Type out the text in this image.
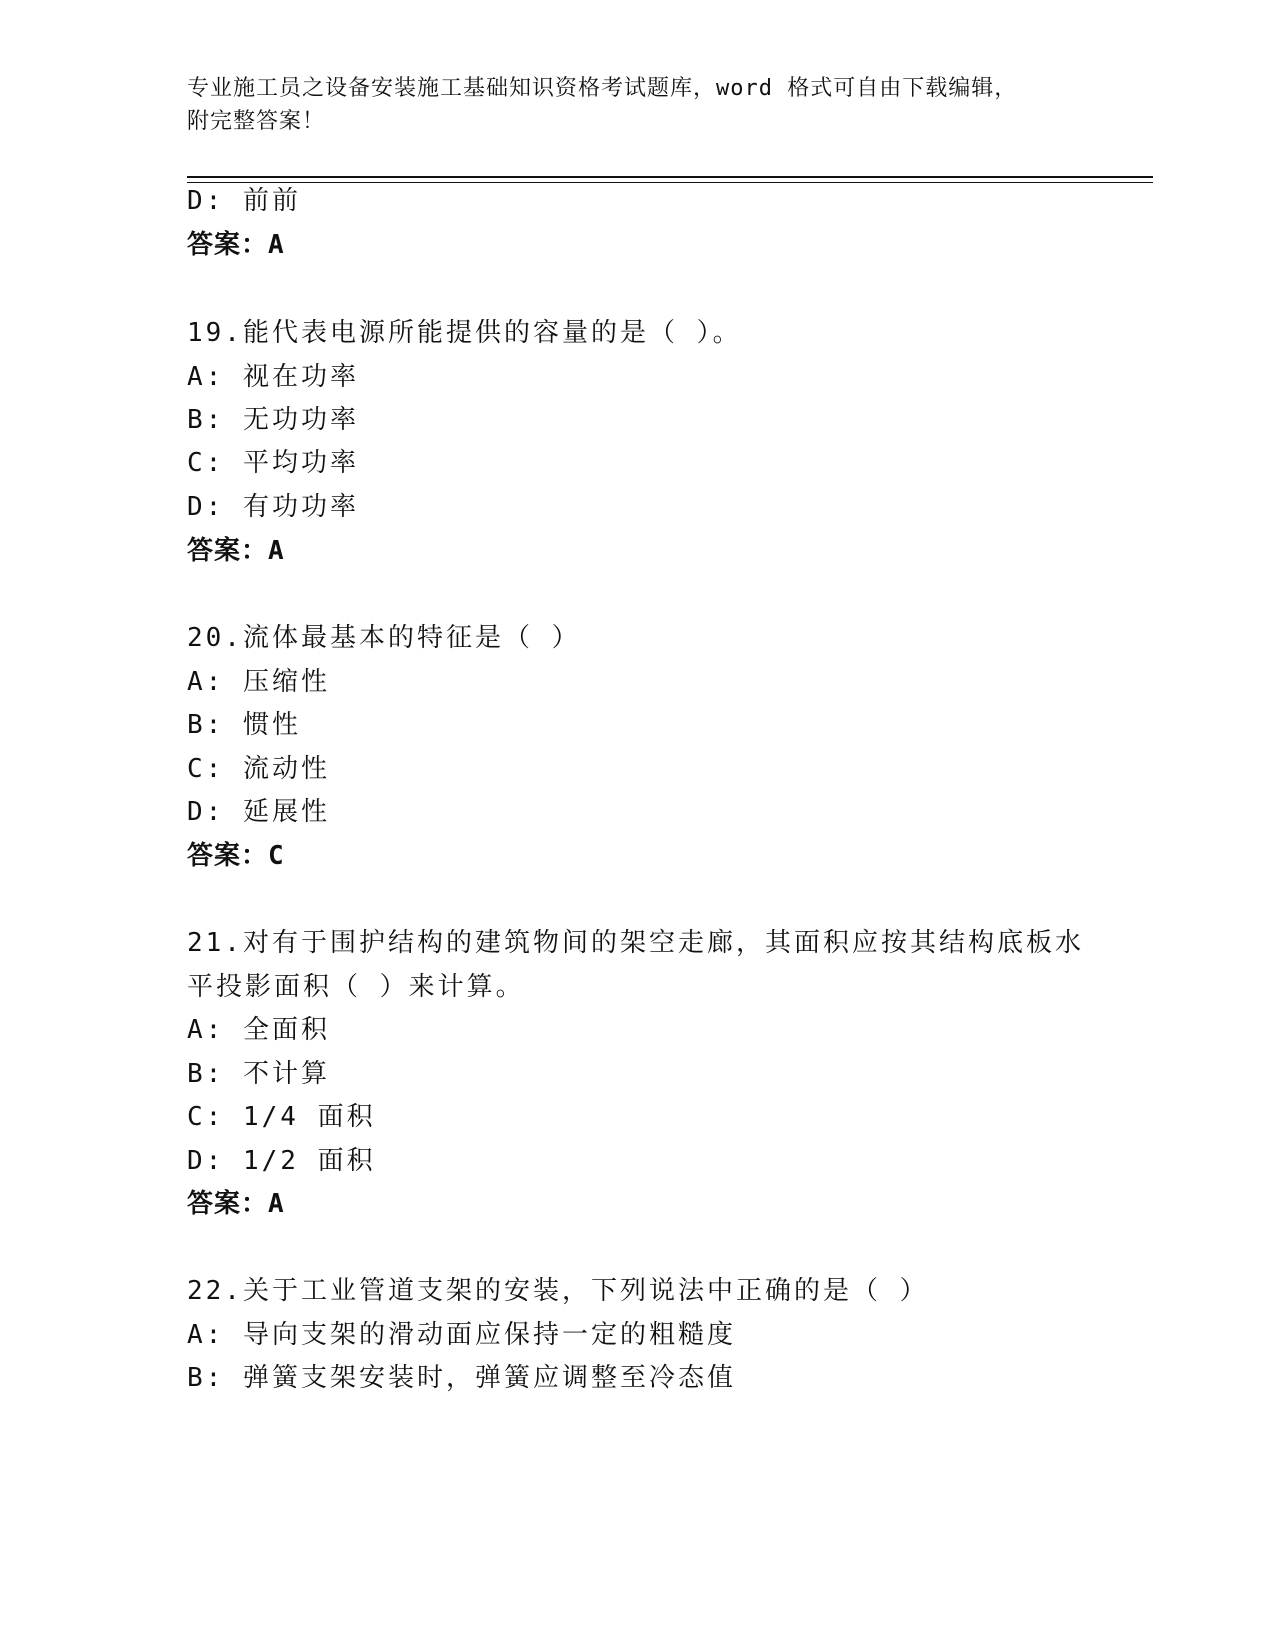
专业施工员之设备安装施工基础知识资格考试题库，word 格式可自由下载编辑，
附完整答案！
D: 前前
答案：A
19.能代表电源所能提供的容量的是（ ）。
A: 视在功率
B: 无功功率
C: 平均功率
D: 有功功率
答案：A
20.流体最基本的特征是（ ）
A: 压缩性
B: 惯性
C: 流动性
D: 延展性
答案：C
21.对有于围护结构的建筑物间的架空走廊，其面积应按其结构底板水
平投影面积（ ）来计算。
A: 全面积
B: 不计算
C: 1/4 面积
D: 1/2 面积
答案：A
22.关于工业管道支架的安装，下列说法中正确的是（ ）
A: 导向支架的滑动面应保持一定的粗糙度
B: 弹簧支架安装时，弹簧应调整至冷态值
